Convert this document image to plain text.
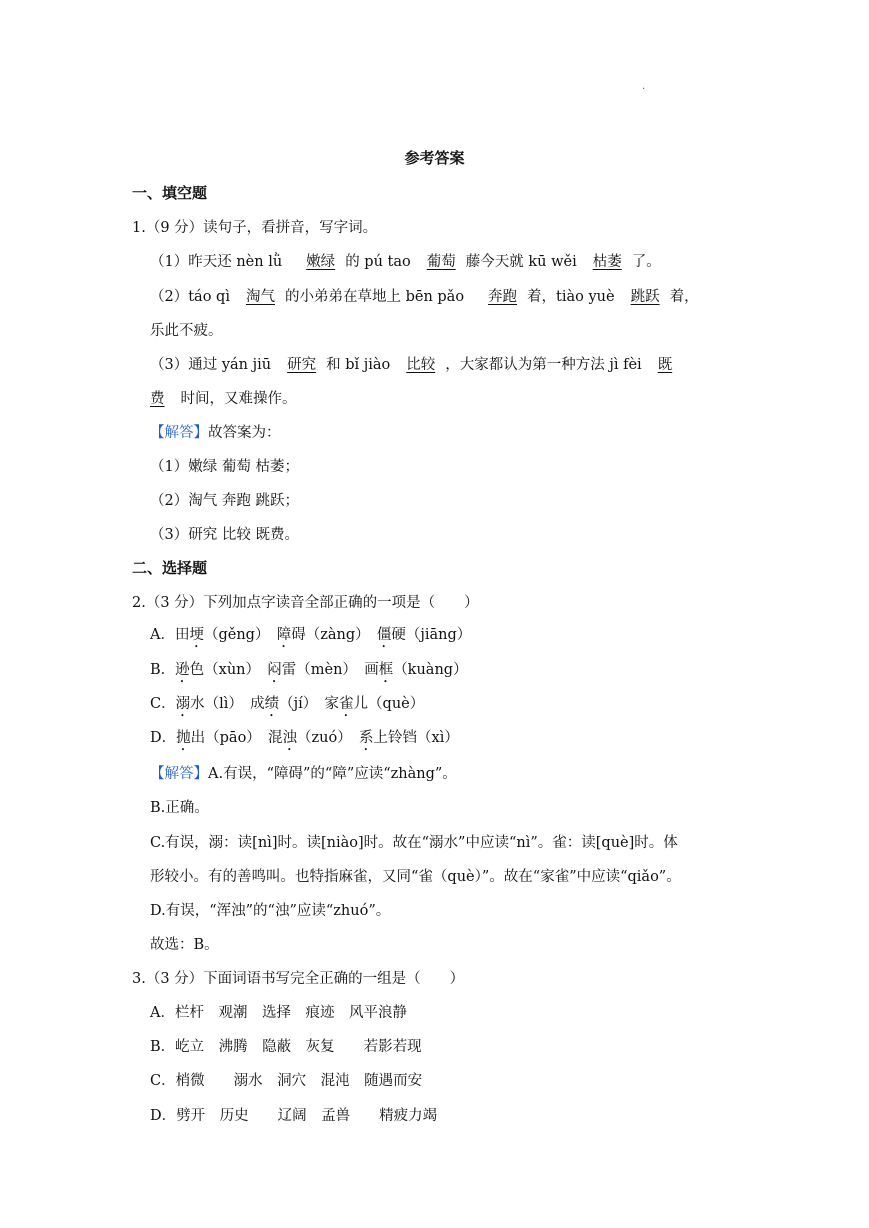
·
参考答案
一、填空题
1.（9 分）读句子，看拼音，写字词。
（1）昨天还 nèn lǜ 嫩绿 的 pú tao 葡萄 藤今天就 kū wěi 枯萎 了。
（2）táo qì 淘气 的小弟弟在草地上 bēn pǎo 奔跑 着，tiào yuè 跳跃 着，
乐此不疲。
（3）通过 yán jiū 研究 和 bǐ jiào 比较 ，大家都认为第一种方法 jì fèi 既
费 时间，又难操作。
【解答】故答案为：
（1）嫩绿 葡萄 枯萎；
（2）淘气 奔跑 跳跃；
（3）研究 比较 既费。
二、选择题
2.（3 分）下列加点字读音全部正确的一项是（　　）
A．田埂（gěng）　 障碍（zàng）　 僵硬（jiāng）
B．逊色（xùn）　 闷雷（mèn）　 画框（kuàng）
C．溺水（lì）　 成绩（jí）　 家雀儿（què）
D．抛出（pāo）　 混浊（zuó）　 系上铃铛（xì）
【解答】A.有误，“障碍”的“障”应读“zhàng”。
B.正确。
C.有误，溺：读[nì]时。读[niào]时。故在“溺水”中应读“nì”。雀：读[què]时。体
形较小。有的善鸣叫。也特指麻雀，又同“雀（què）”。故在“家雀”中应读“qiǎo”。
D.有误，“浑浊”的“浊”应读“zhuó”。
故选：B。
3.（3 分）下面词语书写完全正确的一组是（　　）
A．栏杆　观潮　选择　痕迹　风平浪静
B．屹立　沸腾　隐蔽　灰复　　若影若现
C．梢微　　溺水　洞穴　混沌　随遇而安
D．劈开　历史　　辽阔　孟兽　　精疲力竭
